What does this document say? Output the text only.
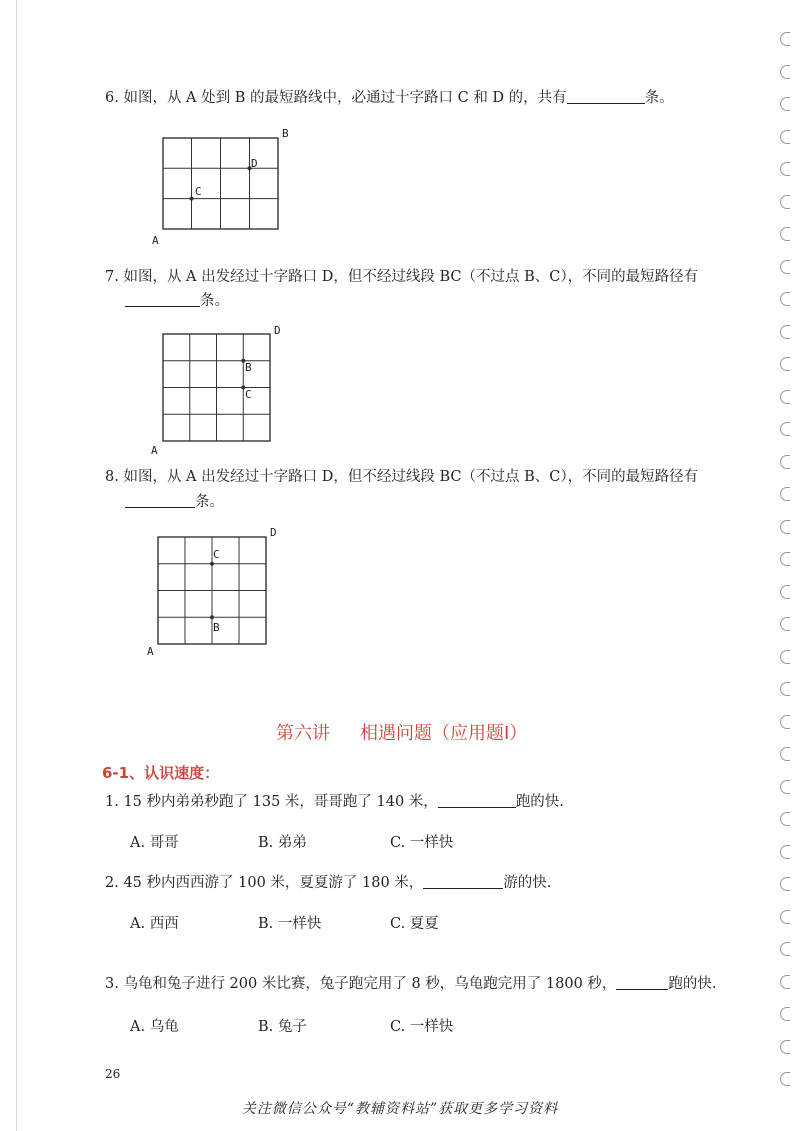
6. 如图，从 A 处到 B 的最短路线中，必通过十字路口 C 和 D 的，共有	条。
B
D
C
A
7. 如图，从 A 出发经过十字路口 D，但不经过线段 BC（不过点 B、C），不同的最短路径有
条。
D
B
C
A
8. 如图，从 A 出发经过十字路口 D，但不经过线段 BC（不过点 B、C），不同的最短路径有
条。
D
C
B
A
第六讲 相遇问题（应用题Ⅰ）
6-1、认识速度：
1. 15 秒内弟弟秒跑了 135 米，哥哥跑了 140 米，	跑的快.
A. 哥哥	B. 弟弟	C. 一样快
2. 45 秒内西西游了 100 米，夏夏游了 180 米，	游的快.
A. 西西	B. 一样快	C. 夏夏
3. 乌龟和兔子进行 200 米比赛，兔子跑完用了 8 秒，乌龟跑完用了 1800 秒，	跑的快.
A. 乌龟	B. 兔子	C. 一样快
26
关注微信公众号“教辅资料站”获取更多学习资料
